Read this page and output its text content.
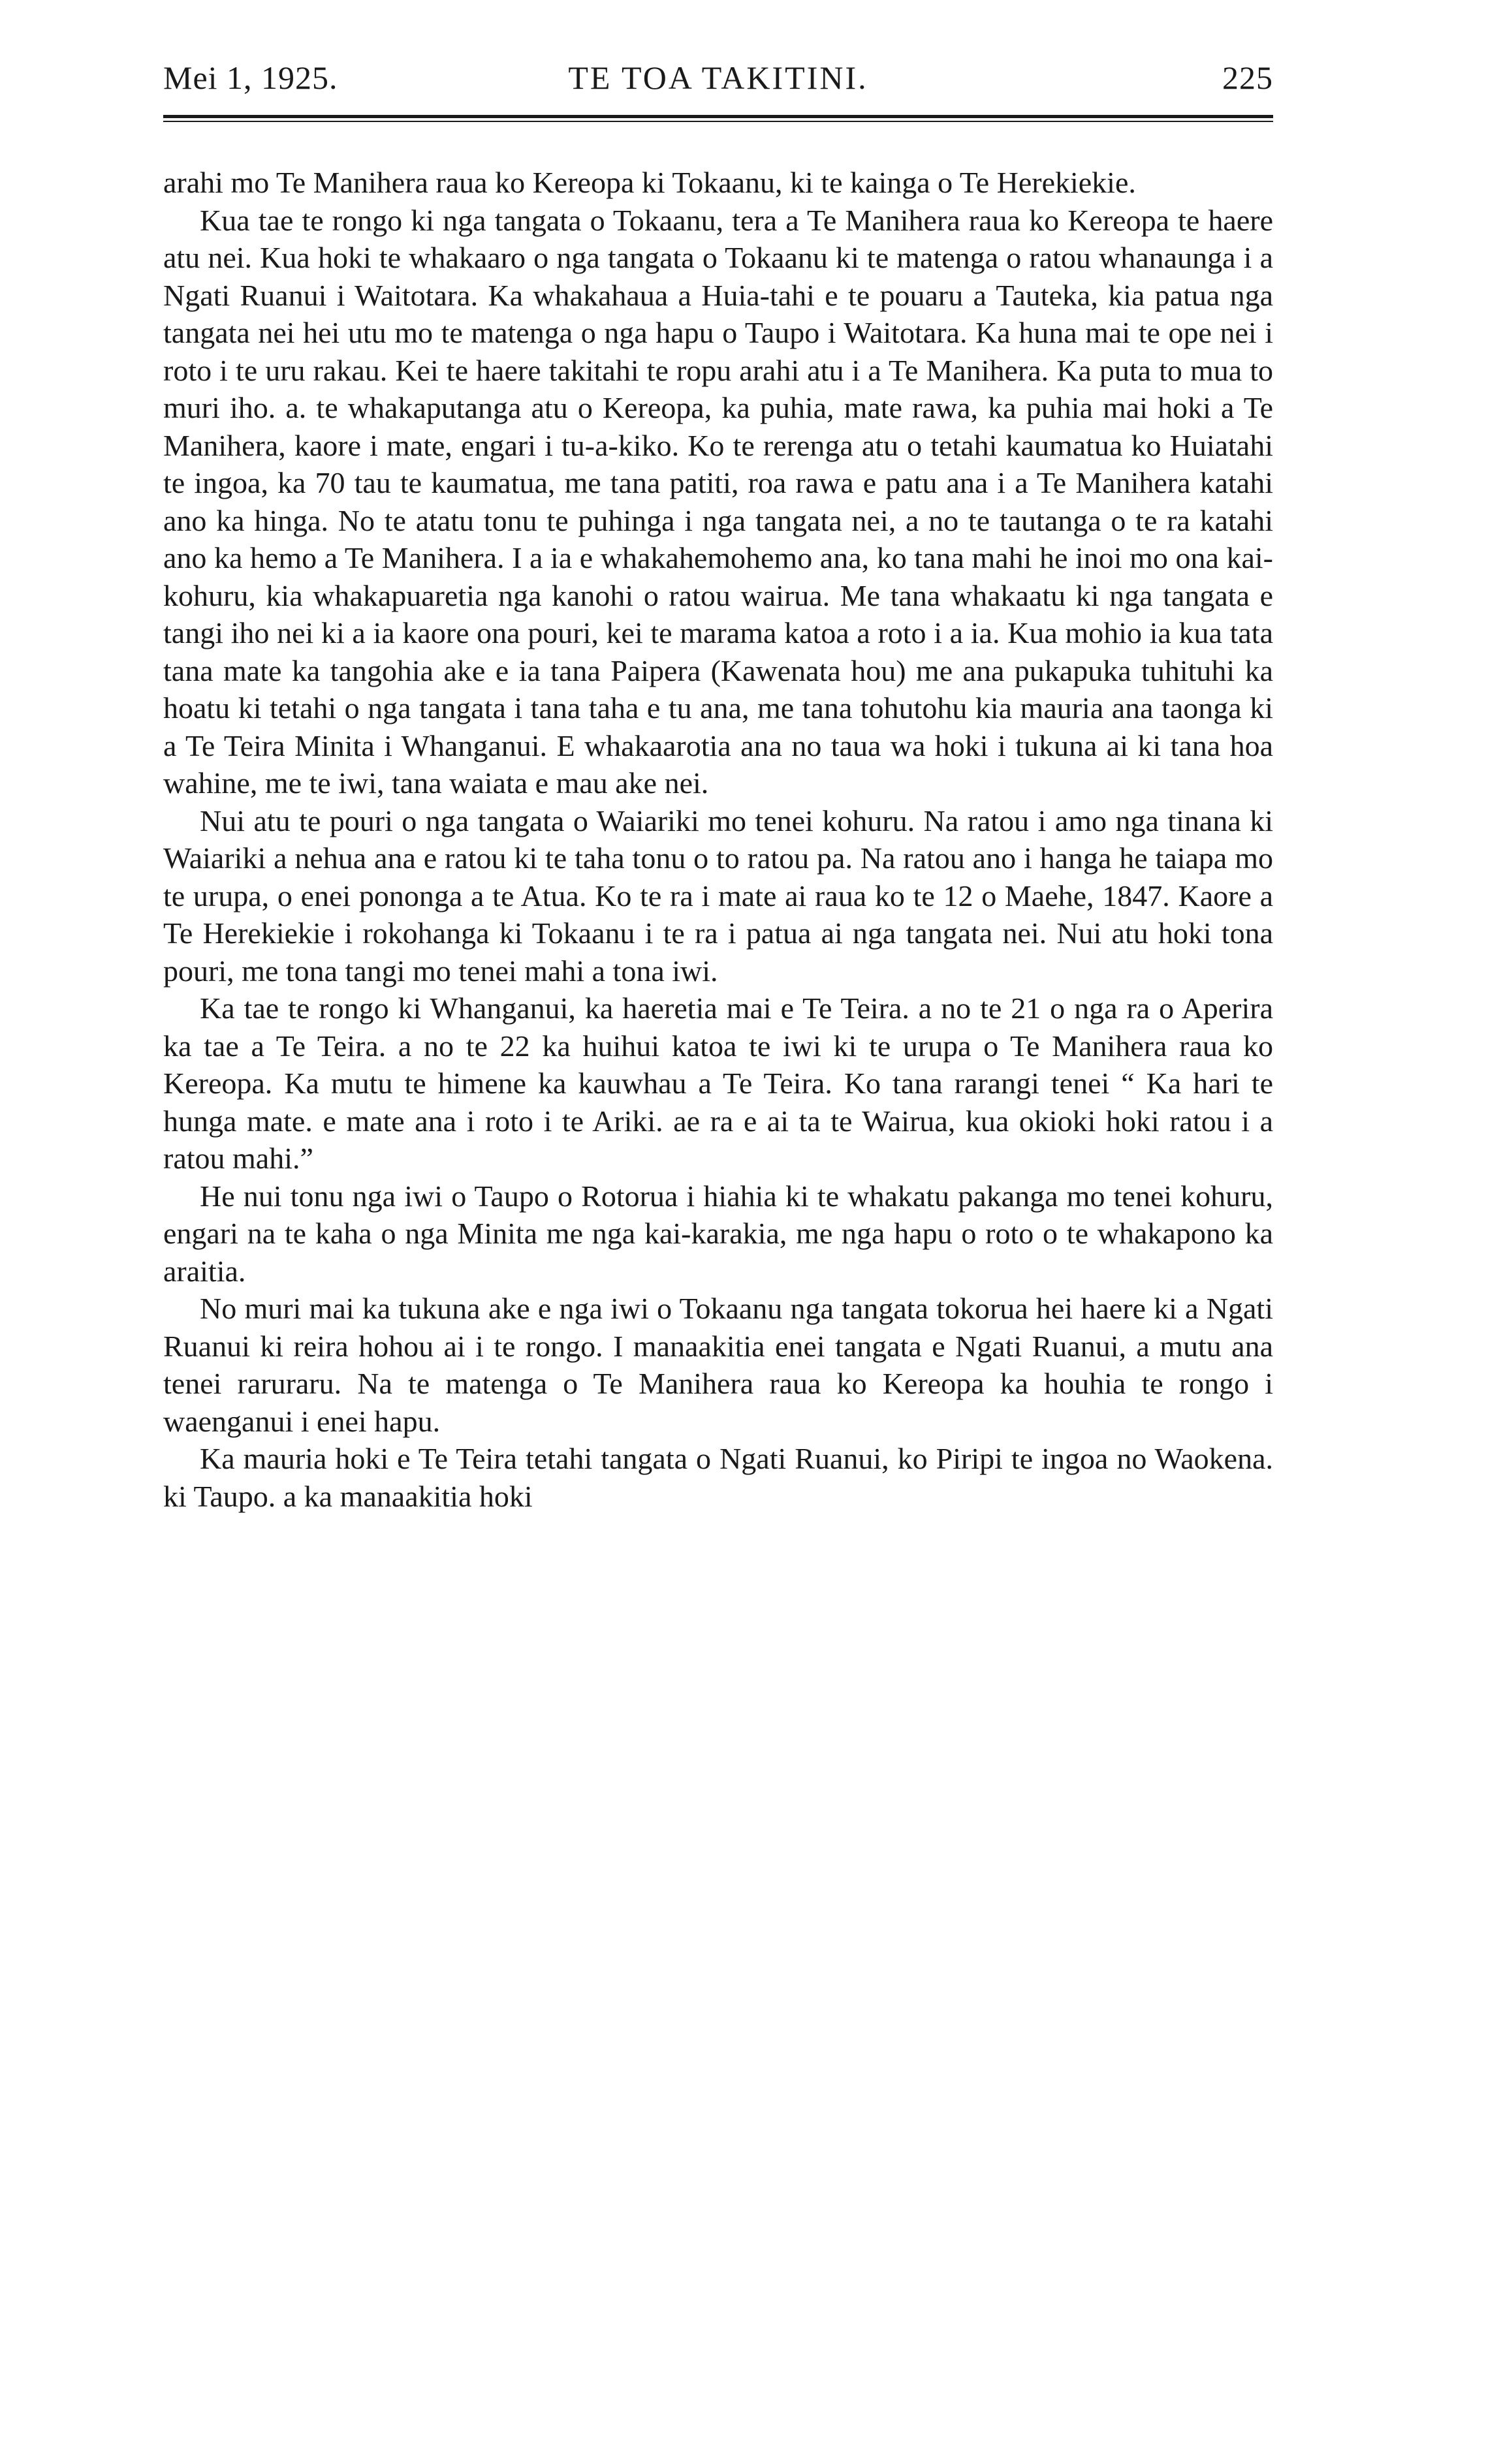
Mei 1, 1925.	TE TOA TAKITINI.	225

arahi mo Te Manihera raua ko Kereopa ki Tokaanu, ki te kainga o Te Herekiekie.

Kua tae te rongo ki nga tangata o Tokaanu, tera a Te Manihera raua ko Kereopa te haere atu nei. Kua hoki te whakaaro o nga tangata o Tokaanu ki te matenga o ratou whanaunga i a Ngati Ruanui i Waitotara. Ka whakahaua a Huia-tahi e te pouaru a Tauteka, kia patua nga tangata nei hei utu mo te matenga o nga hapu o Taupo i Waitotara. Ka huna mai te ope nei i roto i te uru rakau. Kei te haere takitahi te ropu arahi atu i a Te Manihera. Ka puta to mua to muri iho. a. te whakaputanga atu o Kereopa, ka puhia, mate rawa, ka puhia mai hoki a Te Manihera, kaore i mate, engari i tu-a-kiko. Ko te rerenga atu o tetahi kaumatua ko Huiatahi te ingoa, ka 70 tau te kaumatua, me tana patiti, roa rawa e patu ana i a Te Manihera katahi ano ka hinga. No te atatu tonu te puhinga i nga tangata nei, a no te tautanga o te ra katahi ano ka hemo a Te Manihera. I a ia e whakahemohemo ana, ko tana mahi he inoi mo ona kai-kohuru, kia whakapuaretia nga kanohi o ratou wairua. Me tana whakaatu ki nga tangata e tangi iho nei ki a ia kaore ona pouri, kei te marama katoa a roto i a ia. Kua mohio ia kua tata tana mate ka tangohia ake e ia tana Paipera (Kawenata hou) me ana pukapuka tuhituhi ka hoatu ki tetahi o nga tangata i tana taha e tu ana, me tana tohutohu kia mauria ana taonga ki a Te Teira Minita i Whanganui. E whakaarotia ana no taua wa hoki i tukuna ai ki tana hoa wahine, me te iwi, tana waiata e mau ake nei.

Nui atu te pouri o nga tangata o Waiariki mo tenei kohuru. Na ratou i amo nga tinana ki Waiariki a nehua ana e ratou ki te taha tonu o to ratou pa. Na ratou ano i hanga he taiapa mo te urupa, o enei pononga a te Atua. Ko te ra i mate ai raua ko te 12 o Maehe, 1847. Kaore a Te Herekiekie i rokohanga ki Tokaanu i te ra i patua ai nga tangata nei. Nui atu hoki tona pouri, me tona tangi mo tenei mahi a tona iwi.

Ka tae te rongo ki Whanganui, ka haeretia mai e Te Teira. a no te 21 o nga ra o Aperira ka tae a Te Teira. a no te 22 ka huihui katoa te iwi ki te urupa o Te Manihera raua ko Kereopa. Ka mutu te himene ka kauwhau a Te Teira. Ko tana rarangi tenei “ Ka hari te hunga mate. e mate ana i roto i te Ariki. ae ra e ai ta te Wairua, kua okioki hoki ratou i a ratou mahi.”

He nui tonu nga iwi o Taupo o Rotorua i hiahia ki te whakatu pakanga mo tenei kohuru, engari na te kaha o nga Minita me nga kai-karakia, me nga hapu o roto o te whakapono ka araitia.

No muri mai ka tukuna ake e nga iwi o Tokaanu nga tangata tokorua hei haere ki a Ngati Ruanui ki reira hohou ai i te rongo. I manaakitia enei tangata e Ngati Ruanui, a mutu ana tenei raruraru. Na te matenga o Te Manihera raua ko Kereopa ka houhia te rongo i waenganui i enei hapu.

Ka mauria hoki e Te Teira tetahi tangata o Ngati Ruanui, ko Piripi te ingoa no Waokena. ki Taupo. a ka manaakitia hoki
